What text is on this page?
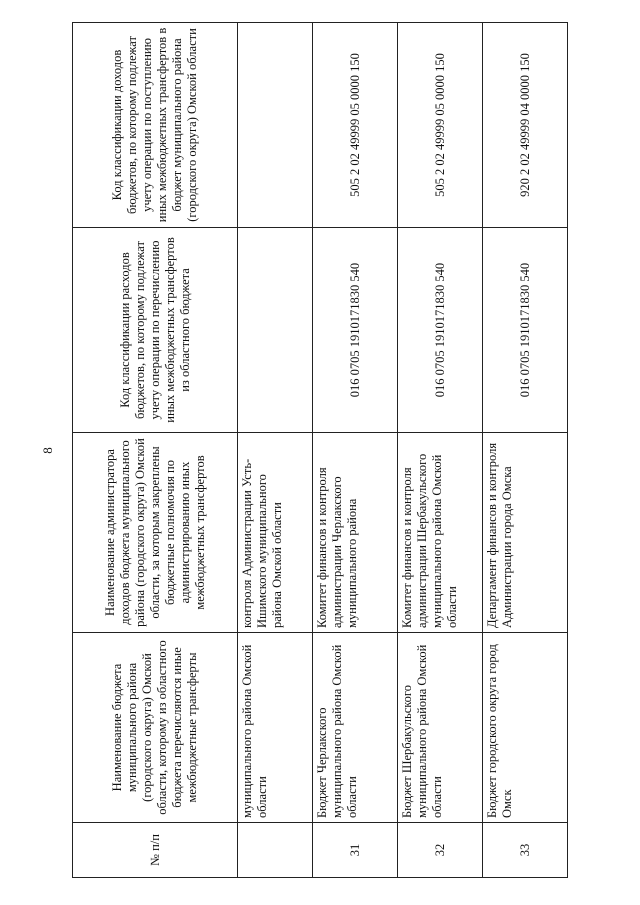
8
№ п/п	Наименование бюджета муниципального района (городского округа) Омской области, которому из областного бюджета перечисляются иные межбюджетные трансферты	Наименование администратора доходов бюджета муниципального района (городского округа) Омской области, за которым закреплены бюджетные полномочия по администрированию иных межбюджетных трансфертов	Код классификации расходов бюджетов, по которому подлежат учету операции по перечислению иных межбюджетных трансфертов из областного бюджета	Код классификации доходов бюджетов, по которому подлежат учету операции по поступлению иных межбюджетных трансфертов в бюджет муниципального района (городского округа) Омской области
	муниципального района Омской области	контроля Администрации Усть-Ишимского муниципального района Омской области		
31	Бюджет Черлакского муниципального района Омской области	Комитет финансов и контроля администрации Черлакского муниципального района	016 0705 1910171830 540	505 2 02 49999 05 0000 150
32	Бюджет Шербакульского муниципального района Омской области	Комитет финансов и контроля администрации Шербакульского муниципального района Омской области	016 0705 1910171830 540	505 2 02 49999 05 0000 150
33	Бюджет городского округа город Омск	Департамент финансов и контроля Администрации города Омска	016 0705 1910171830 540	920 2 02 49999 04 0000 150
